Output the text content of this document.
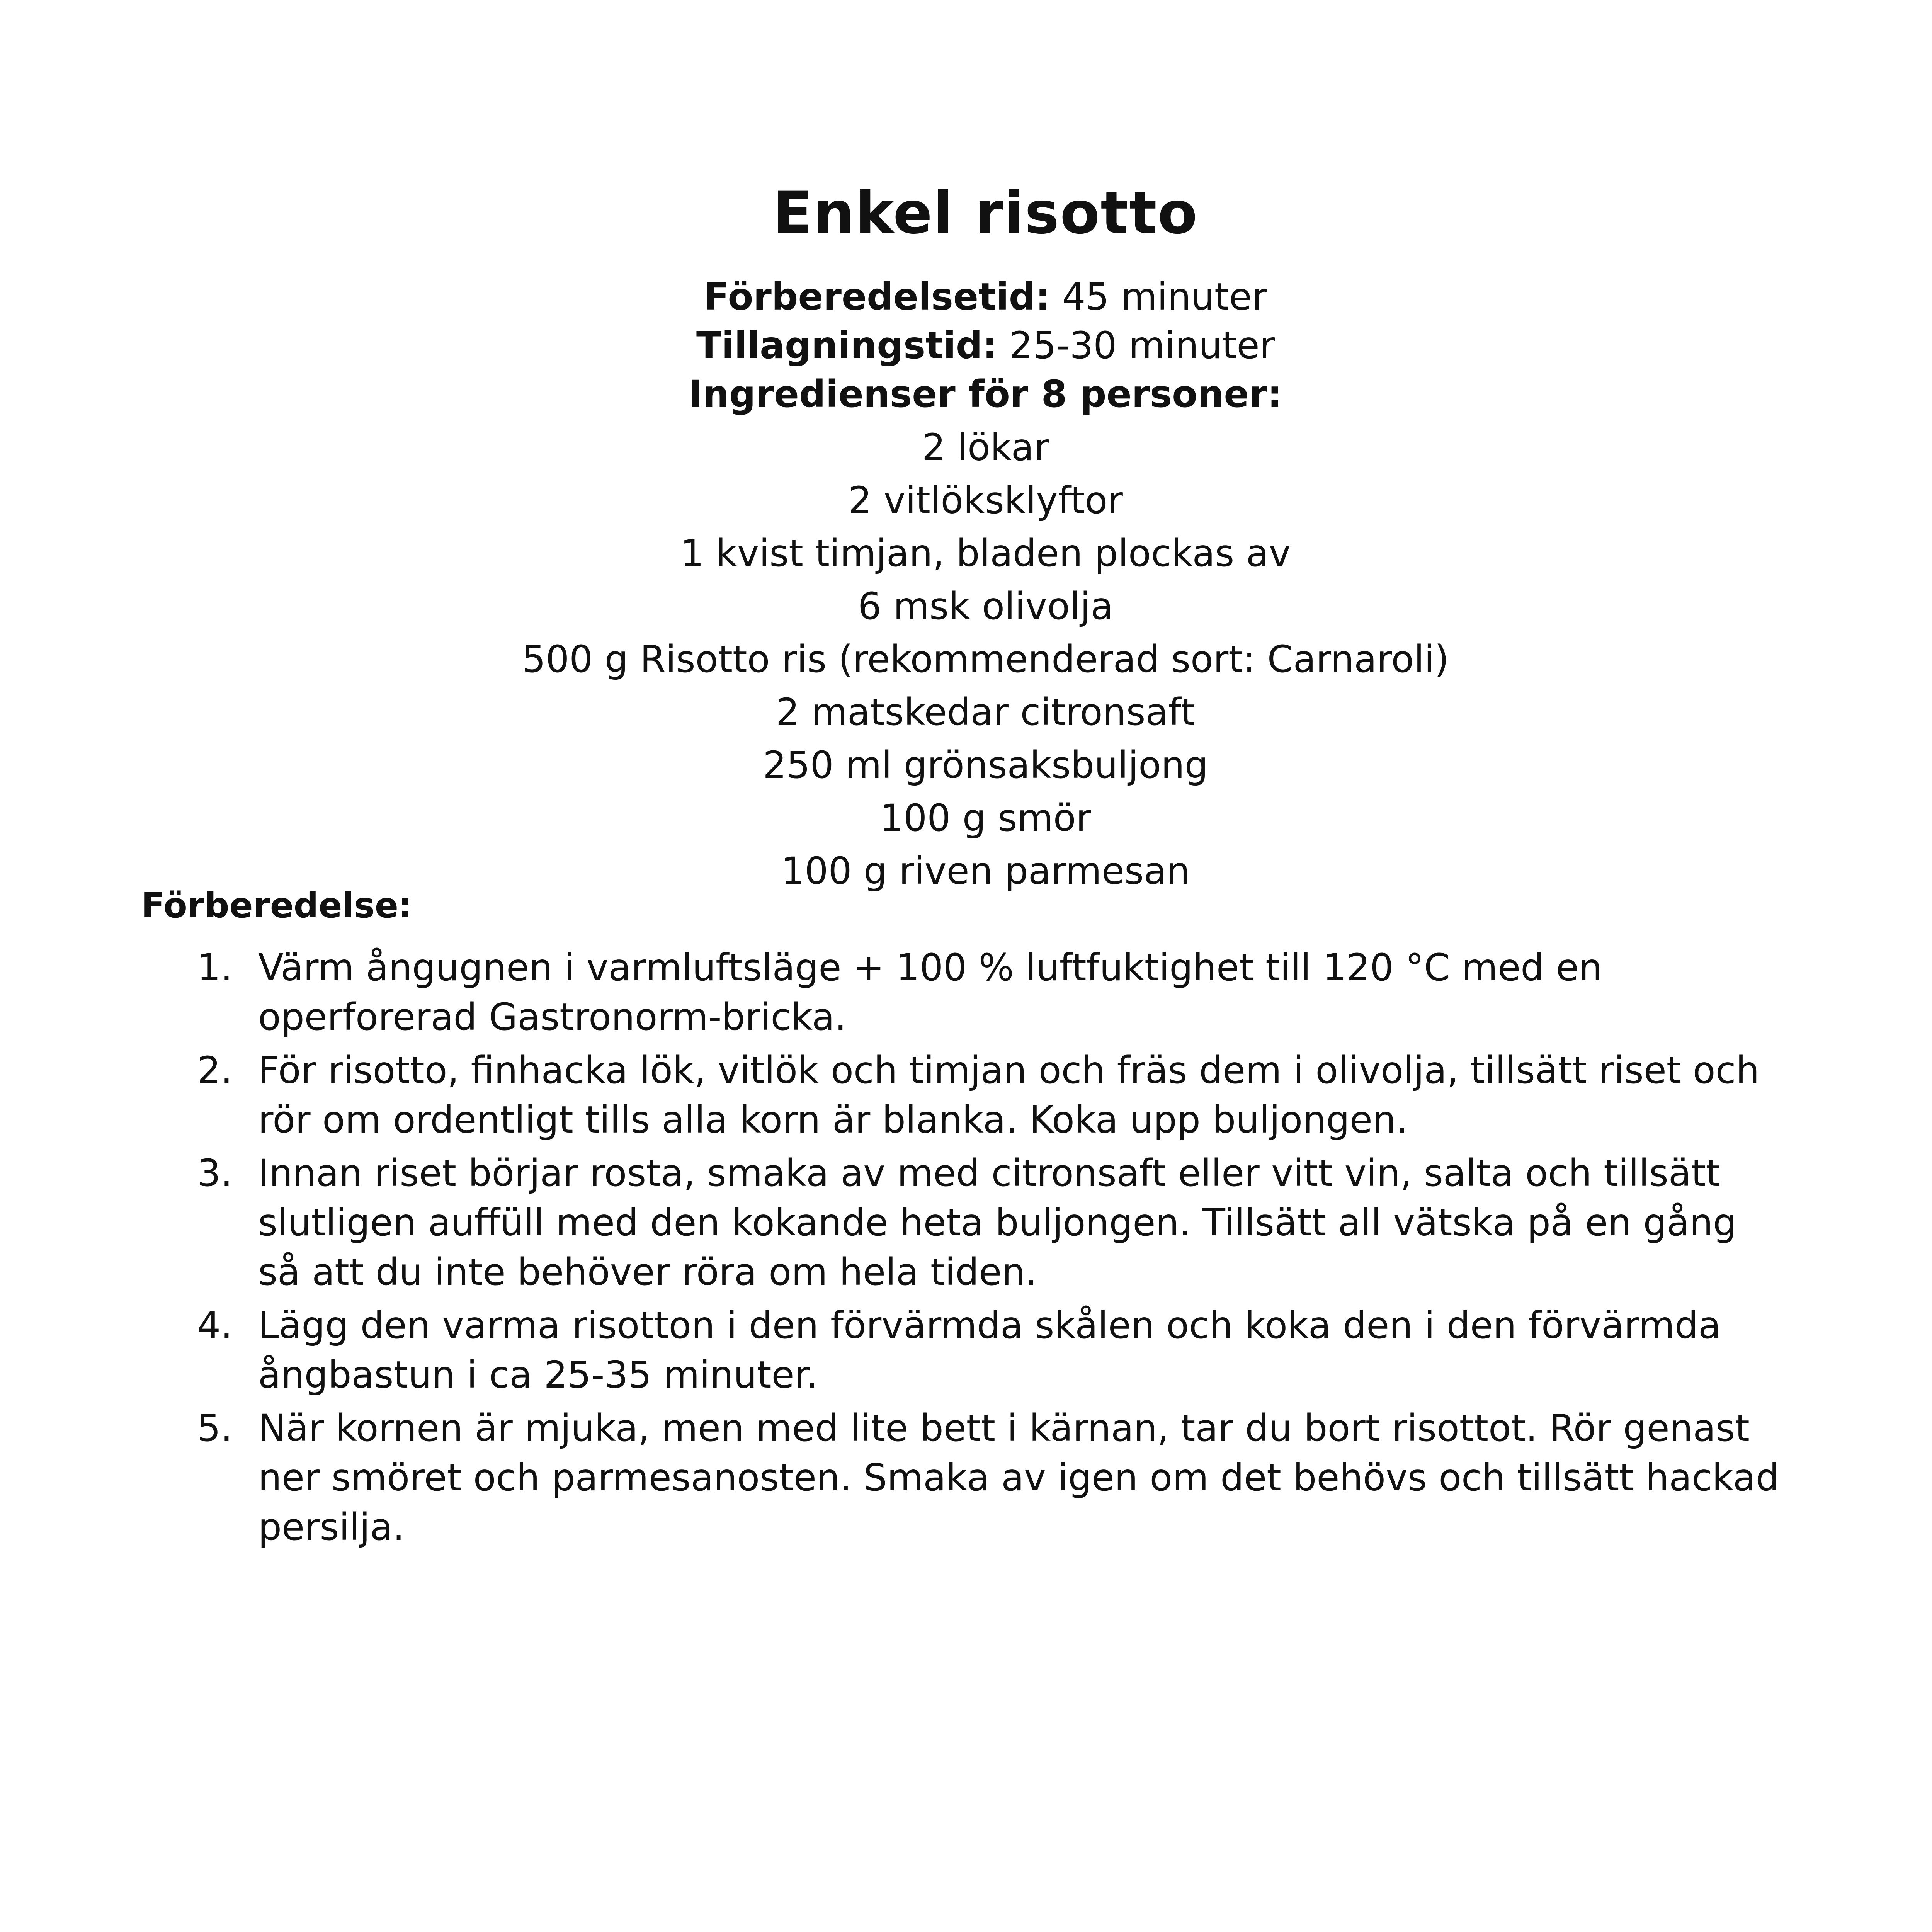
Enkel risotto
Förberedelsetid: 45 minuter
Tillagningstid: 25-30 minuter
Ingredienser för 8 personer:
2 lökar
2 vitlöksklyftor
1 kvist timjan, bladen plockas av
6 msk olivolja
500 g Risotto ris (rekommenderad sort: Carnaroli)
2 matskedar citronsaft
250 ml grönsaksbuljong
100 g smör
100 g riven parmesan
Förberedelse:
1. Värm ångugnen i varmluftsläge + 100 % luftfuktighet till 120 °C med en operforerad Gastronorm-bricka.
2. För risotto, finhacka lök, vitlök och timjan och fräs dem i olivolja, tillsätt riset och rör om ordentligt tills alla korn är blanka. Koka upp buljongen.
3. Innan riset börjar rosta, smaka av med citronsaft eller vitt vin, salta och tillsätt slutligen auﬀüll med den kokande heta buljongen. Tillsätt all vätska på en gång så att du inte behöver röra om hela tiden.
4. Lägg den varma risotton i den förvärmda skålen och koka den i den förvärmda ångbastun i ca 25-35 minuter.
5. När kornen är mjuka, men med lite bett i kärnan, tar du bort risottot. Rör genast ner smöret och parmesanosten. Smaka av igen om det behövs och tillsätt hackad persilja.
